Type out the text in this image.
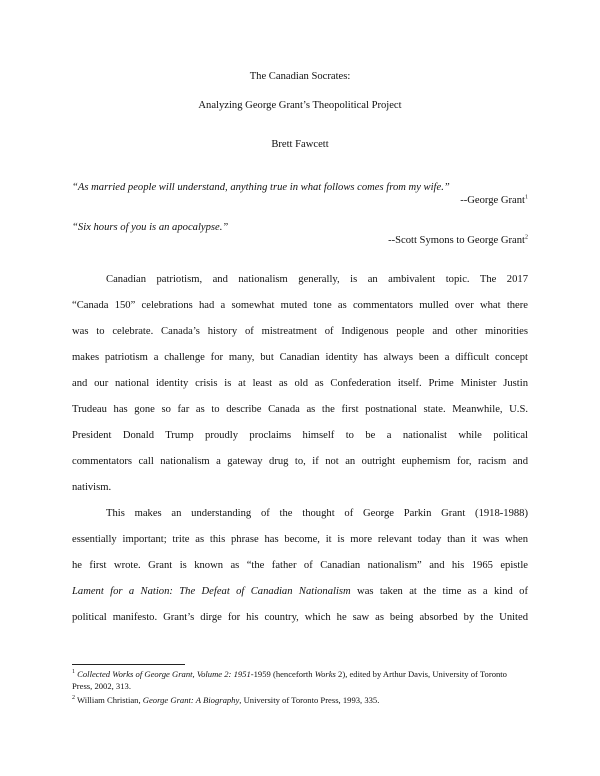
The Canadian Socrates:
Analyzing George Grant’s Theopolitical Project
Brett Fawcett
“As married people will understand, anything true in what follows comes from my wife.”
--George Grant$^1$
“Six hours of you is an apocalypse.”
--Scott Symons to George Grant$^2$
Canadian patriotism, and nationalism generally, is an ambivalent topic. The 2017
“Canada 150” celebrations had a somewhat muted tone as commentators mulled over what there
was to celebrate. Canada’s history of mistreatment of Indigenous people and other minorities
makes patriotism a challenge for many, but Canadian identity has always been a difficult concept
and our national identity crisis is at least as old as Confederation itself. Prime Minister Justin
Trudeau has gone so far as to describe Canada as the first postnational state. Meanwhile, U.S.
President Donald Trump proudly proclaims himself to be a nationalist while political
commentators call nationalism a gateway drug to, if not an outright euphemism for, racism and
nativism.
This makes an understanding of the thought of George Parkin Grant (1918-1988)
essentially important; trite as this phrase has become, it is more relevant today than it was when
he first wrote. Grant is known as “the father of Canadian nationalism” and his 1965 epistle
Lament for a Nation: The Defeat of Canadian Nationalism was taken at the time as a kind of
political manifesto. Grant’s dirge for his country, which he saw as being absorbed by the United
$^1$ Collected Works of George Grant, Volume 2: 1951-1959 (henceforth Works 2), edited by Arthur Davis, University of Toronto Press, 2002, 313.
$^2$ William Christian, George Grant: A Biography, University of Toronto Press, 1993, 335.
